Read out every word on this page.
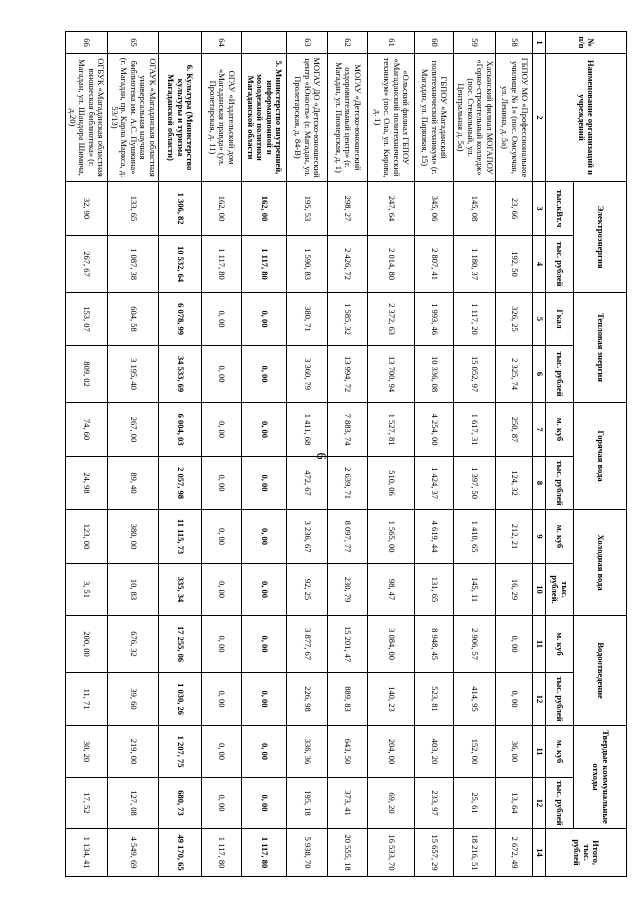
6
№ п/п	Наименование организаций и учреждений	Электроэнергия		Тепловая энергия		Горячая вода		Холодная вода		Водоотведение		Твердые коммунальные отходы		Итого, тыс. рублей
		тыс.кВт.ч	тыс. рублей	Гкал	тыс. рублей	м. куб	тыс. рублей	м. куб	тыс. рублей.	м. куб	тыс. рублей	м. куб	тыс. рублей	
1	2	3	4	5	6	7	8	9	10	11	12	11	12	14
58	ГБПОУ МО «Профессиональное училище № 1» (пос. Омсукчан, ул. Ленина, д. 5а)	23, 66	192, 50	326, 25	2 325, 74	250, 87	124, 32	212, 21	16, 29	0, 00	0, 00	36, 00	13, 64	2 672, 49
59	Хасынский филиал МОГАПОУ «Горно-строительный колледж» (пос. Стекольный, ул. Центральная д. 5а)	145, 08	1 180, 37	1 117, 20	15 052, 97	1 617, 31	1 397, 50	1 410, 65	145, 11	2 906, 57	414, 95	152, 00	25, 61	18 216, 51
60	ГБПОУ «Магаданский политехнический техникум» (г. Магадан, ул. Парковая, 15)	345, 06	2 807, 41	1 993, 46	10 336, 08	4 254, 00	1 424, 37	4 619, 44	131, 65	8 948, 45	523, 81	403, 20	233, 97	15 657, 29
61	«Ольский филиал ГБПОУ «Магаданский политехнический техникум» (пос. Ола, ул. Кирова, д. 1)	247, 64	2 014, 80	2 372, 63	13 700, 94	1 527, 81	510, 06	1 565, 00	98, 47	3 084, 00	140, 23	204, 00	69, 20	16 533, 70
62	МОГАУ «Детско-юношеский оздоровительный центр» (г. Магадан, ул. Пионерская, д. 1)	298, 27	2 426, 72	1 585, 32	13 994, 72	7 883, 74	2 639, 71	8 097, 77	230, 79	15 201, 47	889, 83	643, 50	373, 41	20 555, 18
63	МОГАУ ДО «Детско-юношеский центр «Юность» (г. Магадан, ул. Пролетарская, д. 84-В)	195, 53	1 590, 83	380, 71	3 360, 79	1 411, 68	472, 67	3 236, 67	92, 25	3 877, 67	226, 98	336, 36	195, 18	5 938, 70
	5. Министерство внутренней, информационной и молодежной политики Магаданской области	162, 00	1 117, 80	0, 00	0, 00	0, 00	0, 00	0, 00	0, 00	0, 00	0, 00	0, 00	0, 00	1 117, 80
64	ОГАУ «Издательский дом «Магаданская правда» (ул. Пролетарская, д. 11)	162, 00	1 117, 80	0, 00	0, 00	0, 00	0, 00	0, 00	0, 00	0, 00	0, 00	0, 00	0, 00	1 117, 80
	6. Культура (Министерство культуры и туризма Магаданской области)	1 306, 82	10 532, 64	6 078, 99	34 533, 69	6 004, 03	2 057, 98	11 115, 73	335, 34	17 255, 06	1 030, 26	1 207, 75	680, 73	49 170, 65
65	ОГАУК «Магаданская областная универсальная научная библиотека им. А.С. Пушкина» (г. Магадан, пр. Карла Маркса, д. 53/13)	133, 65	1 087, 38	604, 58	3 195, 40	267, 00	89, 40	380, 00	10, 83	676, 32	39, 60	219, 00	127, 08	4 549, 69
66	ОГБУК «Магаданская областная юношеская библиотека» (г. Магадан, ул. Шандора Шимича, д.20)	32, 90	267, 67	153, 07	809, 02	74, 60	24, 98	123, 00	3, 51	200, 00	11, 71	30, 20	17, 52	1 134, 41
